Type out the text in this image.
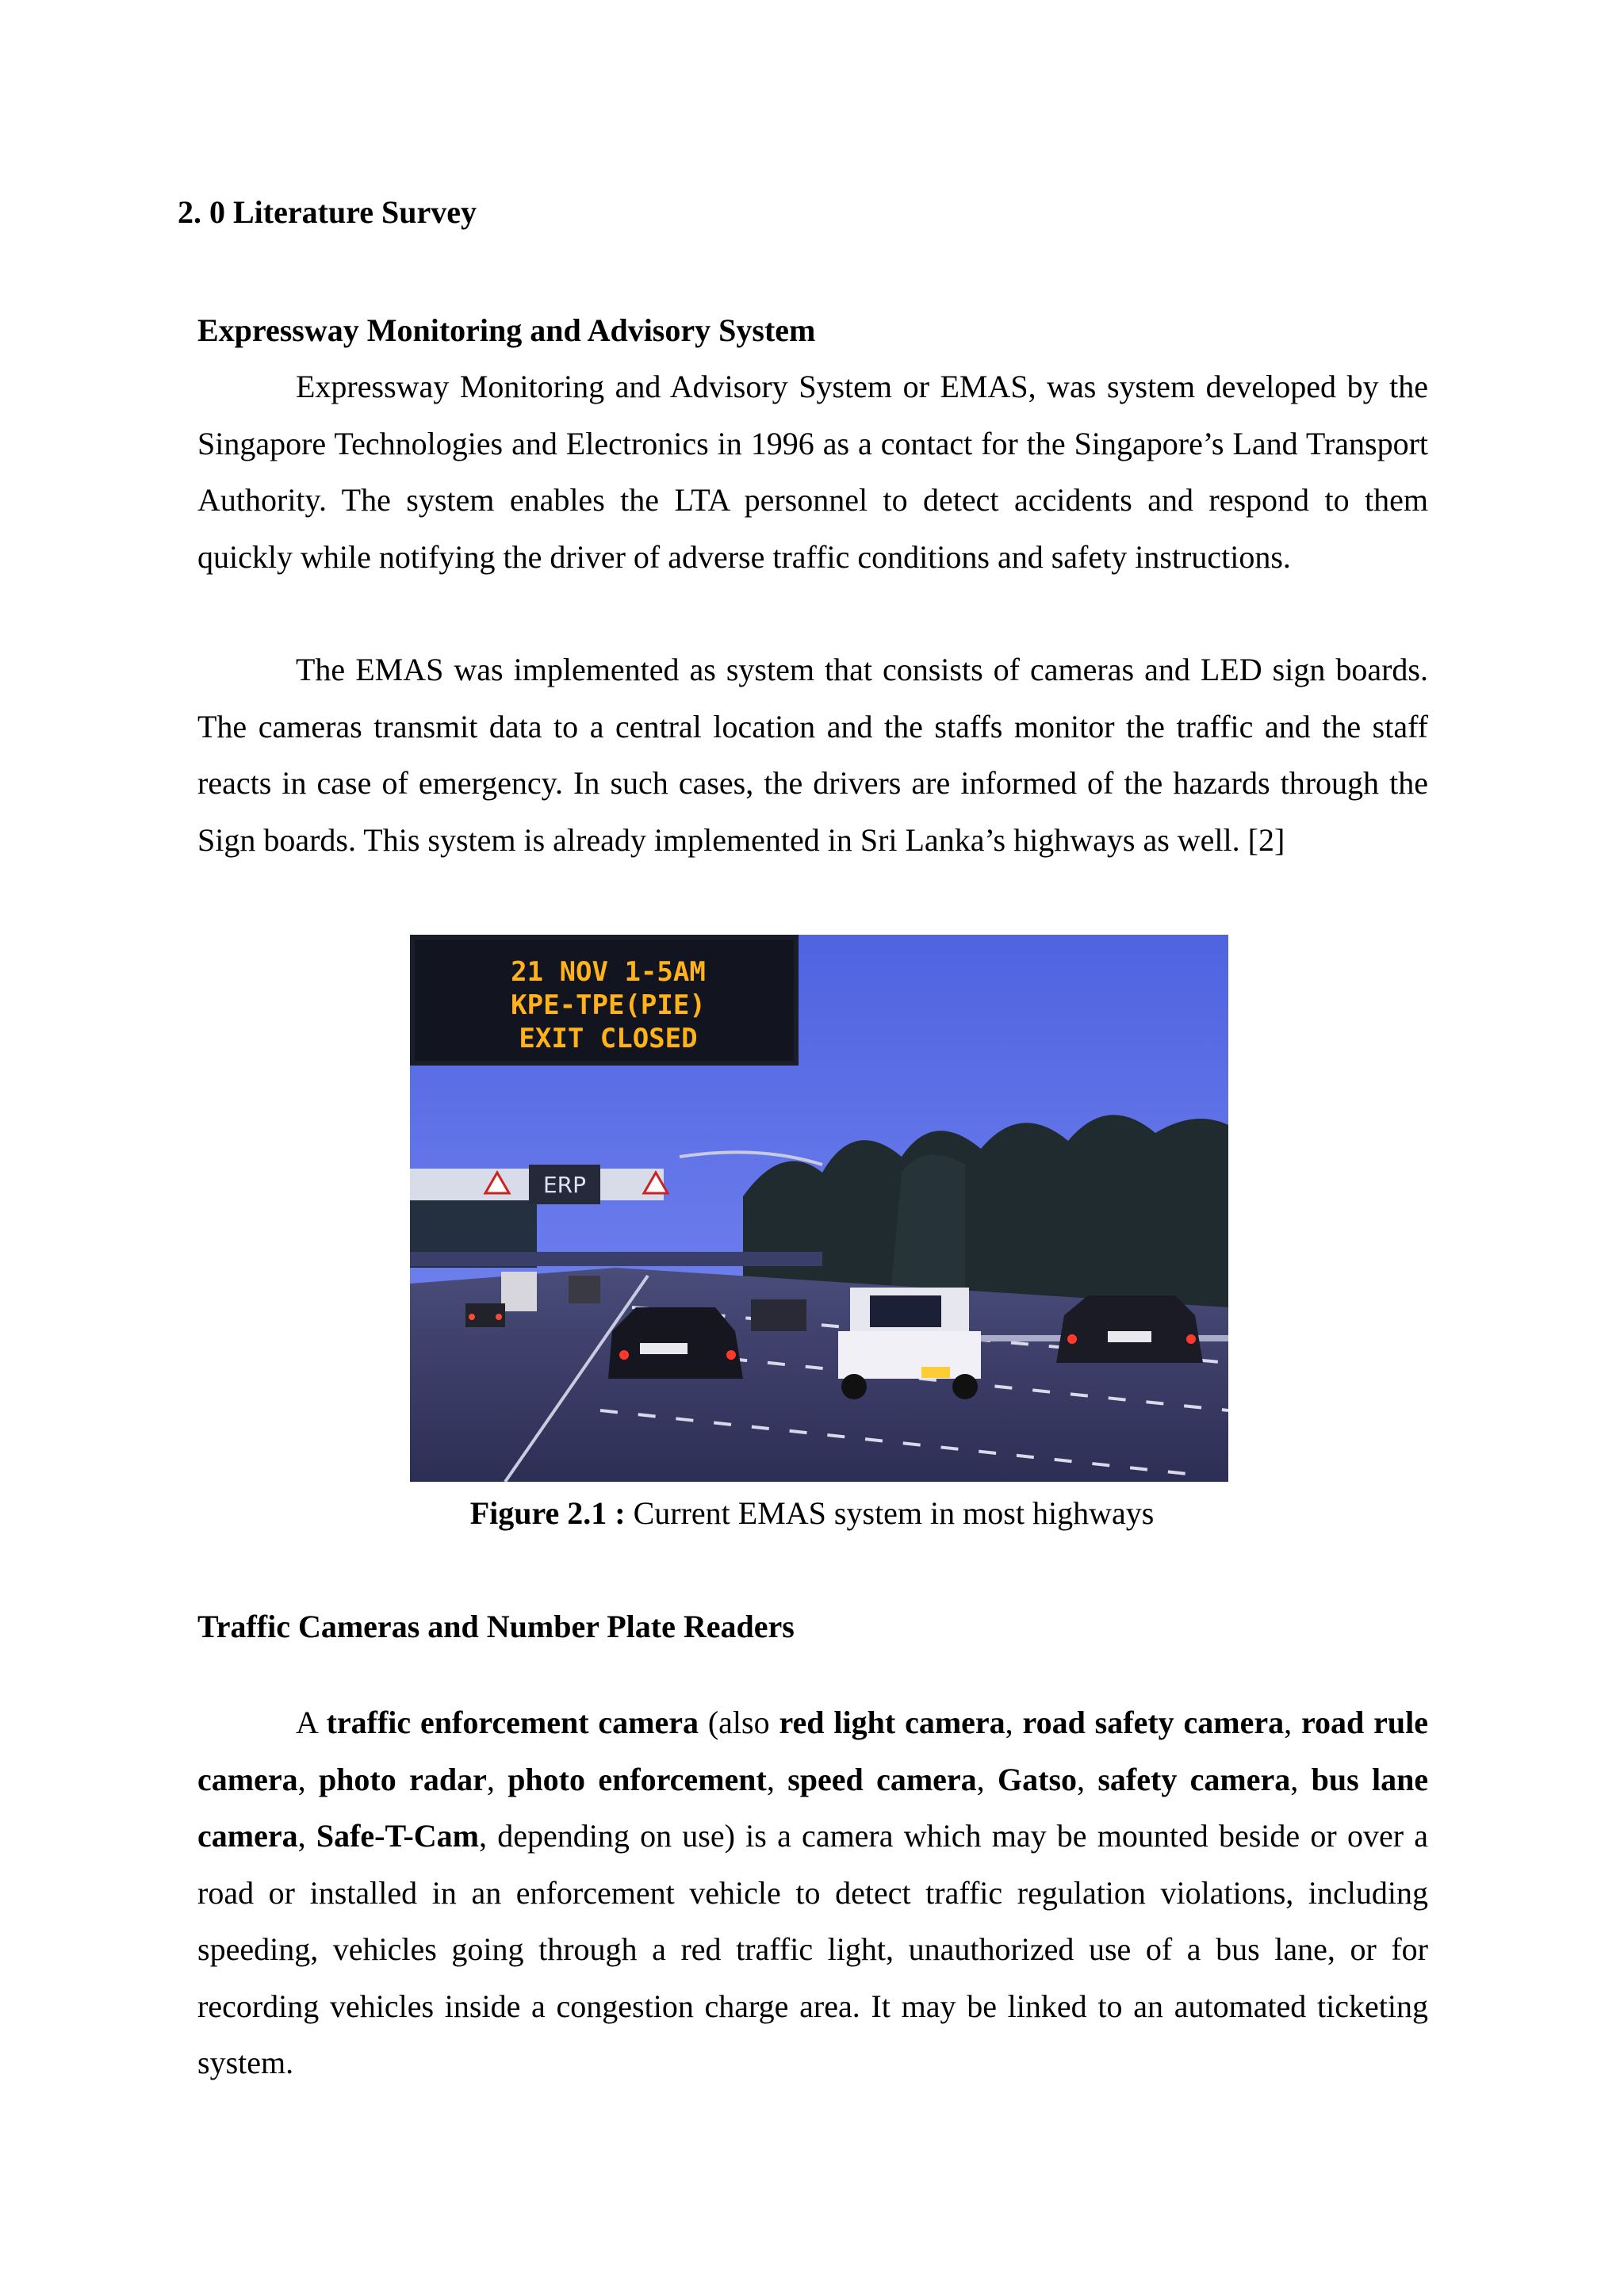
2. 0 Literature Survey
Expressway Monitoring and Advisory System

Expressway Monitoring and Advisory System or EMAS, was system developed by the Singapore Technologies and Electronics in 1996 as a contact for the Singapore’s Land Transport Authority. The system enables the LTA personnel to detect accidents and respond to them quickly while notifying the driver of adverse traffic conditions and safety instructions.

The EMAS was implemented as system that consists of cameras and LED sign boards. The cameras transmit data to a central location and the staffs monitor the traffic and the staff reacts in case of emergency. In such cases, the drivers are informed of the hazards through the Sign boards. This system is already implemented in Sri Lanka’s highways as well. [2]

ERP
21 NOV 1-5AM
KPE-TPE(PIE)
EXIT CLOSED

Figure 2.1 : Current EMAS system in most highways

Traffic Cameras and Number Plate Readers

A traffic enforcement camera (also red light camera, road safety camera, road rule camera, photo radar, photo enforcement, speed camera, Gatso, safety camera, bus lane camera, Safe-T-Cam, depending on use) is a camera which may be mounted beside or over a road or installed in an enforcement vehicle to detect traffic regulation violations, including speeding, vehicles going through a red traffic light, unauthorized use of a bus lane, or for recording vehicles inside a congestion charge area. It may be linked to an automated ticketing system.
